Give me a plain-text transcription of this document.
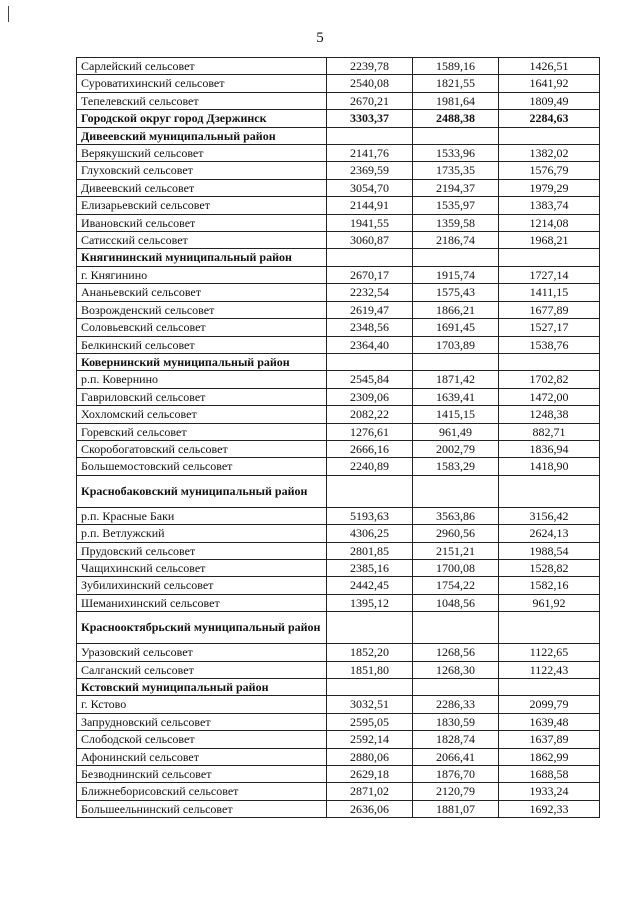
5
Сарлейский сельсовет	2239,78	1589,16	1426,51
Суроватихинский сельсовет	2540,08	1821,55	1641,92
Тепелевский сельсовет	2670,21	1981,64	1809,49
Городской округ город Дзержинск	3303,37	2488,38	2284,63
Дивеевский муниципальный район			
Верякушский сельсовет	2141,76	1533,96	1382,02
Глуховский сельсовет	2369,59	1735,35	1576,79
Дивеевский сельсовет	3054,70	2194,37	1979,29
Елизарьевский сельсовет	2144,91	1535,97	1383,74
Ивановский сельсовет	1941,55	1359,58	1214,08
Сатисский сельсовет	3060,87	2186,74	1968,21
Княгининский муниципальный район			
г. Княгинино	2670,17	1915,74	1727,14
Ананьевский сельсовет	2232,54	1575,43	1411,15
Возрожденский сельсовет	2619,47	1866,21	1677,89
Соловьевский сельсовет	2348,56	1691,45	1527,17
Белкинский сельсовет	2364,40	1703,89	1538,76
Ковернинский муниципальный район			
р.п. Ковернино	2545,84	1871,42	1702,82
Гавриловский сельсовет	2309,06	1639,41	1472,00
Хохломский сельсовет	2082,22	1415,15	1248,38
Горевский сельсовет	1276,61	961,49	882,71
Скоробогатовский сельсовет	2666,16	2002,79	1836,94
Большемостовский сельсовет	2240,89	1583,29	1418,90
Краснобаковский муниципальный район			
р.п. Красные Баки	5193,63	3563,86	3156,42
р.п. Ветлужский	4306,25	2960,56	2624,13
Прудовский сельсовет	2801,85	2151,21	1988,54
Чащихинский сельсовет	2385,16	1700,08	1528,82
Зубилихинский сельсовет	2442,45	1754,22	1582,16
Шеманихинский сельсовет	1395,12	1048,56	961,92
Краснооктябрьский муниципальный район			
Уразовский сельсовет	1852,20	1268,56	1122,65
Салганский сельсовет	1851,80	1268,30	1122,43
Кстовский муниципальный район			
г. Кстово	3032,51	2286,33	2099,79
Запрудновский сельсовет	2595,05	1830,59	1639,48
Слободской сельсовет	2592,14	1828,74	1637,89
Афонинский сельсовет	2880,06	2066,41	1862,99
Безводнинский сельсовет	2629,18	1876,70	1688,58
Ближнеборисовский сельсовет	2871,02	2120,79	1933,24
Большеельнинский сельсовет	2636,06	1881,07	1692,33
